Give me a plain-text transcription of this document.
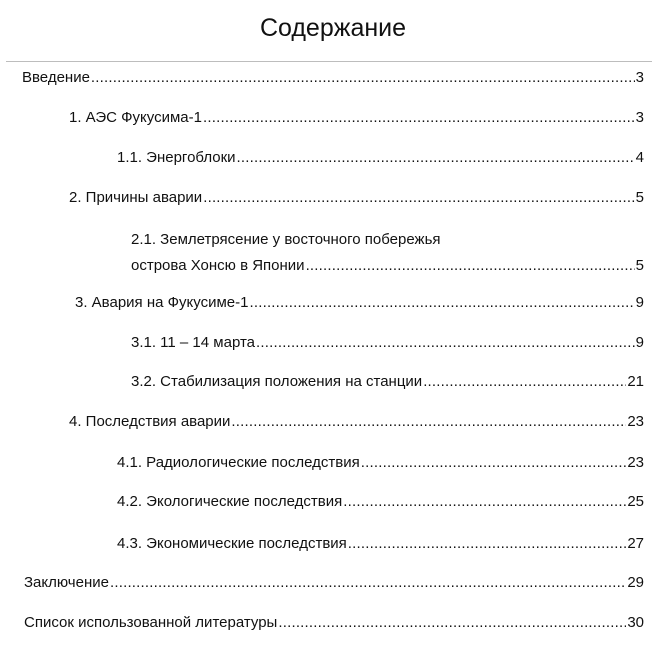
Содержание
Введение .....	3
1. АЭС Фукусима-1 .....	3
1.1. Энергоблоки .....	4
2. Причины аварии .....	5
2.1. Землетрясение у восточного побережья
острова Хонсю в Японии .....	5
3. Авария на Фукусиме-1 .....	9
3.1. 11 – 14 марта .....	9
3.2. Стабилизация положения на станции .....	21
4. Последствия аварии .....	23
4.1. Радиологические последствия .....	23
4.2. Экологические последствия .....	25
4.3. Экономические последствия .....	27
Заключение .....	29
Список использованной литературы .....	30
